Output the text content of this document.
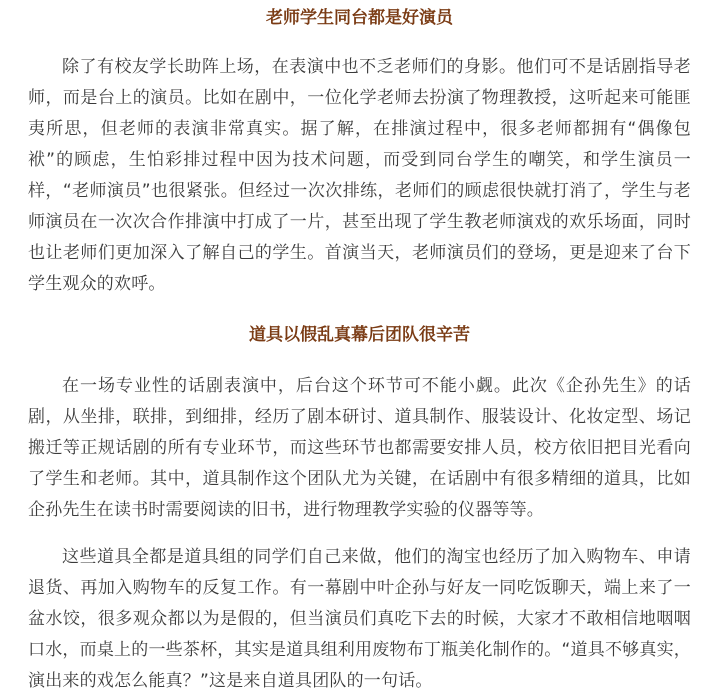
老师学生同台都是好演员

除了有校友学长助阵上场，在表演中也不乏老师们的身影。他们可不是话剧指导老师，而是台上的演员。比如在剧中，一位化学老师去扮演了物理教授，这听起来可能匪夷所思，但老师的表演非常真实。据了解，在排演过程中，很多老师都拥有“偶像包袱”的顾虑，生怕彩排过程中因为技术问题，而受到同台学生的嘲笑，和学生演员一样，“老师演员”也很紧张。但经过一次次排练，老师们的顾虑很快就打消了，学生与老师演员在一次次合作排演中打成了一片，甚至出现了学生教老师演戏的欢乐场面，同时也让老师们更加深入了解自己的学生。首演当天，老师演员们的登场，更是迎来了台下学生观众的欢呼。

道具以假乱真幕后团队很辛苦

在一场专业性的话剧表演中，后台这个环节可不能小觑。此次《企孙先生》的话剧，从坐排，联排，到细排，经历了剧本研讨、道具制作、服装设计、化妆定型、场记搬迁等正规话剧的所有专业环节，而这些环节也都需要安排人员，校方依旧把目光看向了学生和老师。其中，道具制作这个团队尤为关键，在话剧中有很多精细的道具，比如企孙先生在读书时需要阅读的旧书，进行物理教学实验的仪器等等。

这些道具全都是道具组的同学们自己来做，他们的淘宝也经历了加入购物车、申请退货、再加入购物车的反复工作。有一幕剧中叶企孙与好友一同吃饭聊天，端上来了一盆水饺，很多观众都以为是假的，但当演员们真吃下去的时候，大家才不敢相信地咽咽口水，而桌上的一些茶杯，其实是道具组利用废物布丁瓶美化制作的。“道具不够真实，演出来的戏怎么能真？”这是来自道具团队的一句话。
